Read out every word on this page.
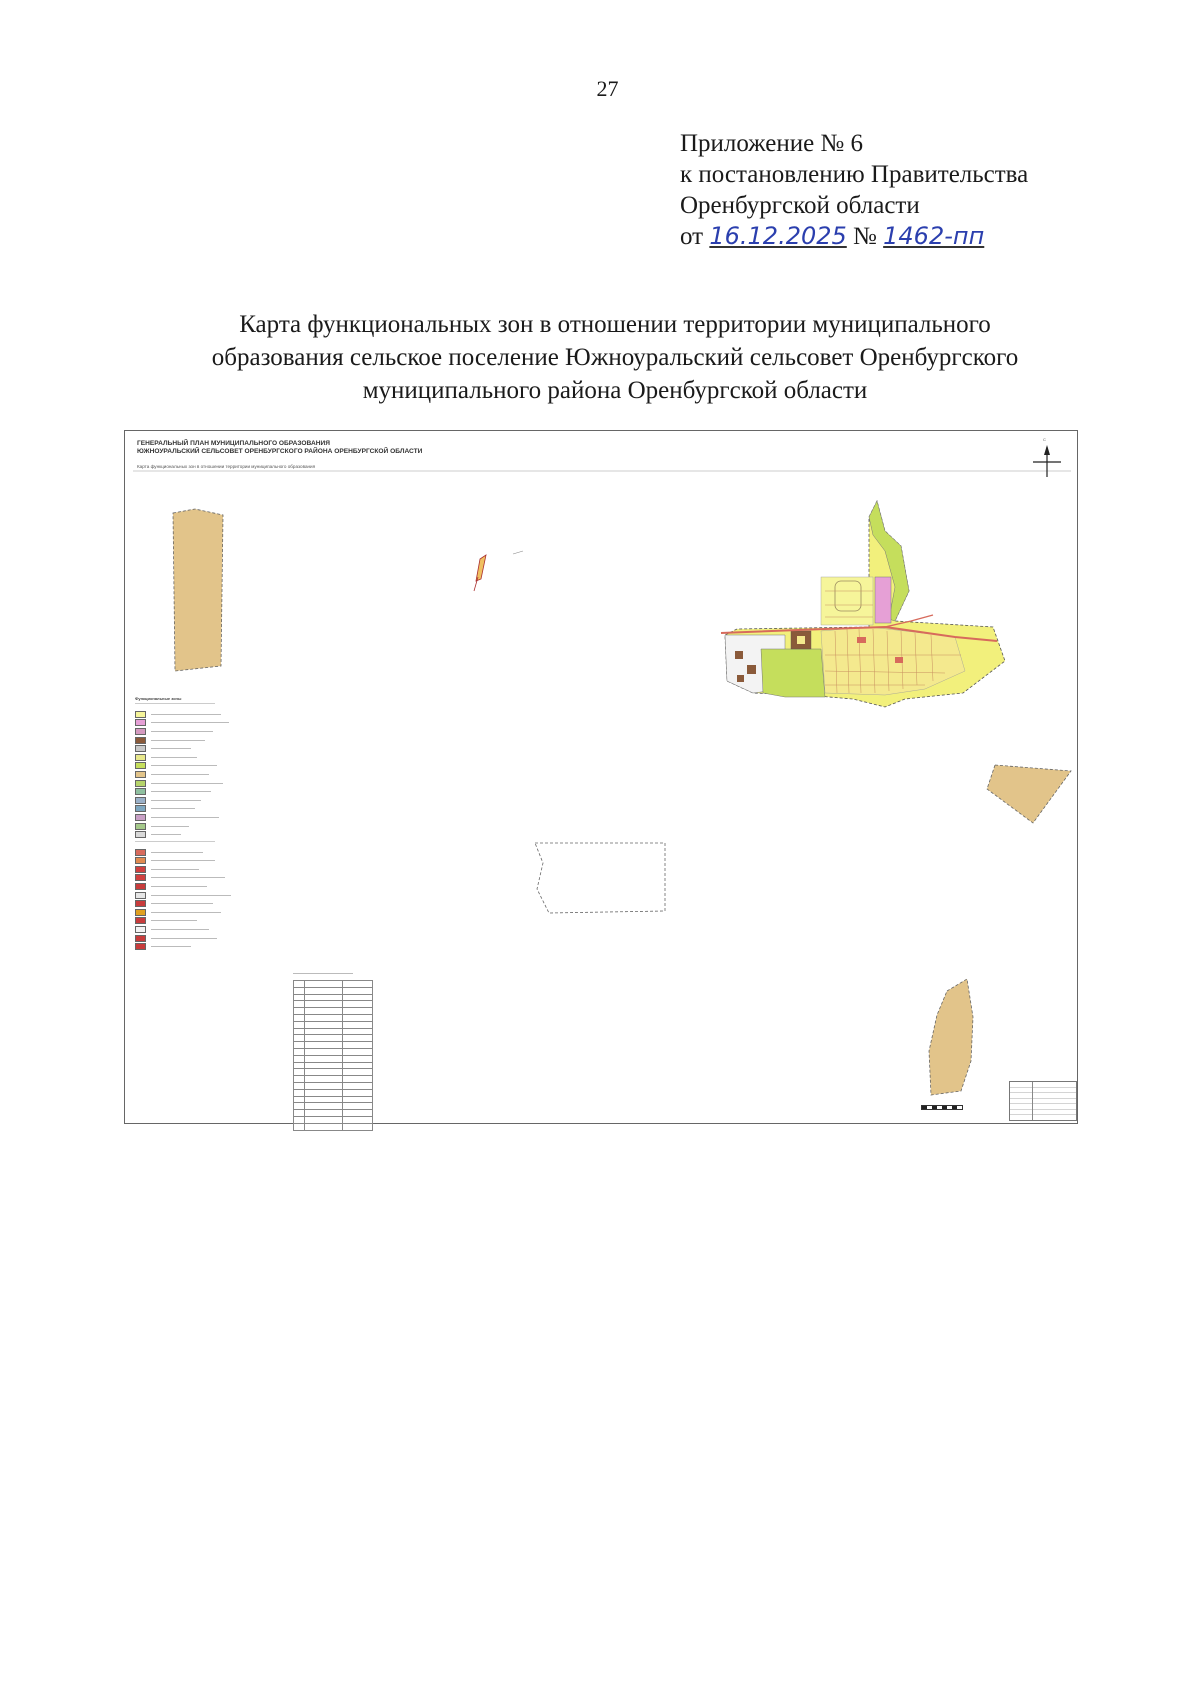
27
Приложение № 6
к постановлению Правительства
Оренбургской области
от 16.12.2025 № 1462-пп
Карта функциональных зон в отношении территории муниципального
образования сельское поселение Южноуральский сельсовет Оренбургского
муниципального района Оренбургской области
ГЕНЕРАЛЬНЫЙ ПЛАН МУНИЦИПАЛЬНОГО ОБРАЗОВАНИЯ
ЮЖНОУРАЛЬСКИЙ СЕЛЬСОВЕТ ОРЕНБУРГСКОГО РАЙОНА ОРЕНБУРГСКОЙ ОБЛАСТИ
Карта функциональных зон в отношении территории муниципального образования
С
Функциональные зоны
